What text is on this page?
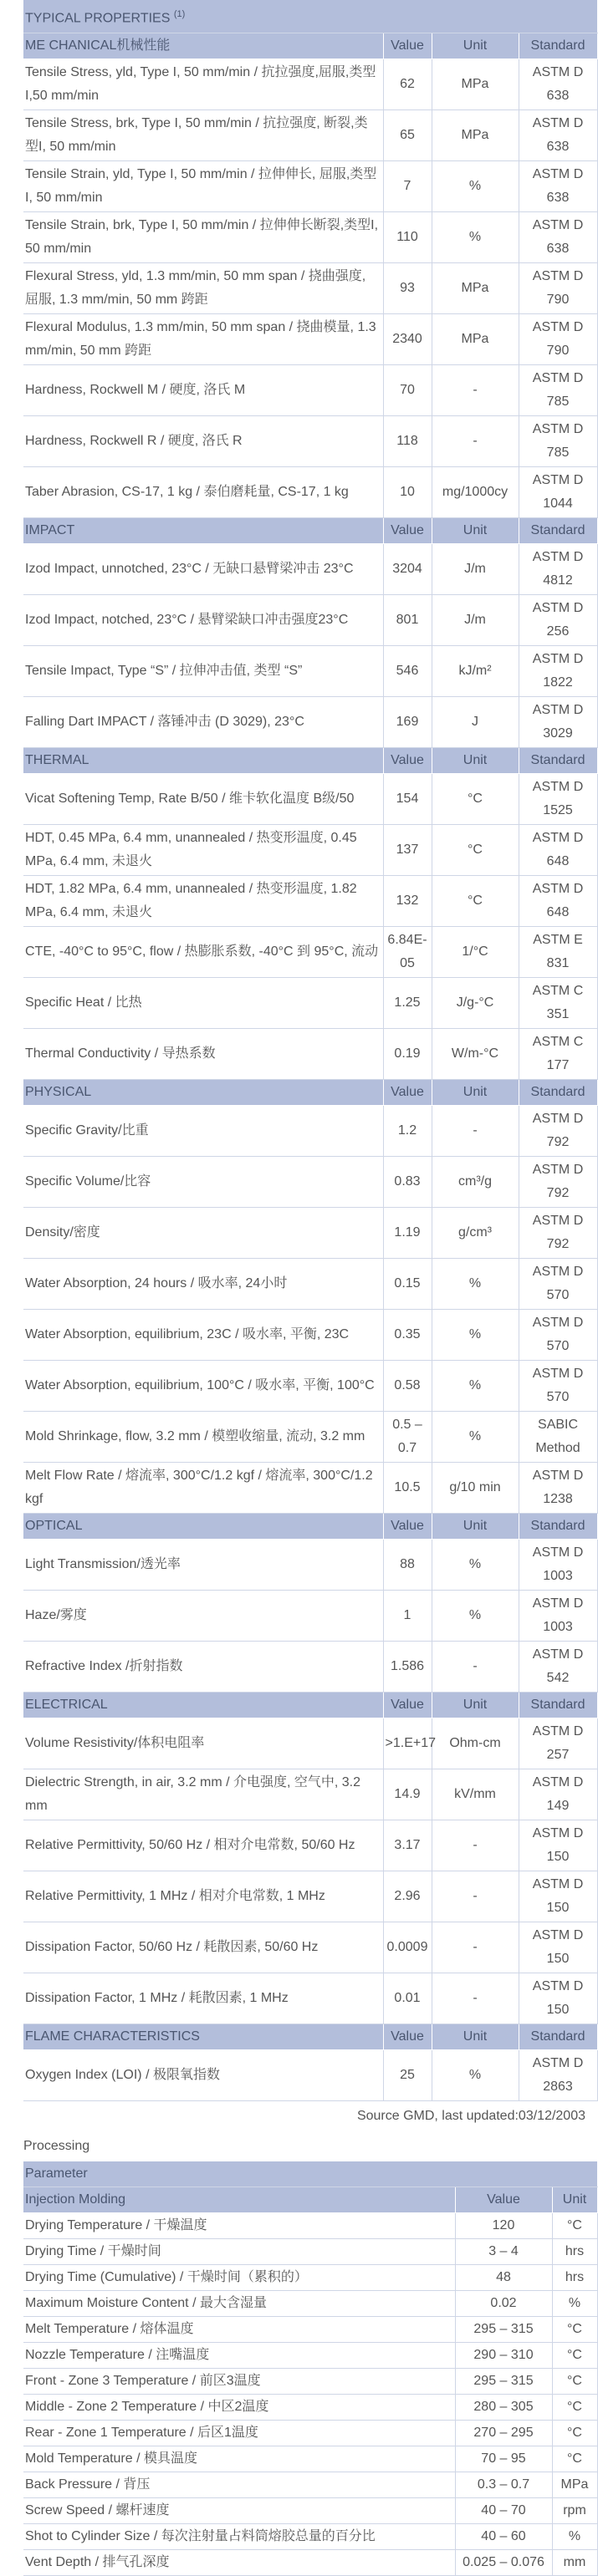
TYPICAL PROPERTIES $^{(1)}$
ME CHANICAL机械性能	Value	Unit	Standard
Tensile Stress, yld, Type I, 50 mm/min / 抗拉强度,屈服,类型I,50 mm/min	62	MPa	ASTM D 638
Tensile Stress, brk, Type I, 50 mm/min / 抗拉强度, 断裂,类型I, 50 mm/min	65	MPa	ASTM D 638
Tensile Strain, yld, Type I, 50 mm/min / 拉伸伸长, 屈服,类型I, 50 mm/min	7	%	ASTM D 638
Tensile Strain, brk, Type I, 50 mm/min / 拉伸伸长断裂,类型I, 50 mm/min	110	%	ASTM D 638
Flexural Stress, yld, 1.3 mm/min, 50 mm span / 挠曲强度, 屈服, 1.3 mm/min, 50 mm 跨距	93	MPa	ASTM D 790
Flexural Modulus, 1.3 mm/min, 50 mm span / 挠曲模量, 1.3 mm/min, 50 mm 跨距	2340	MPa	ASTM D 790
Hardness, Rockwell M / 硬度, 洛氏 M	70	-	ASTM D 785
Hardness, Rockwell R / 硬度, 洛氏 R	118	-	ASTM D 785
Taber Abrasion, CS-17, 1 kg / 泰伯磨耗量, CS-17, 1 kg	10	mg/1000cy	ASTM D 1044
IMPACT	Value	Unit	Standard
Izod Impact, unnotched, 23°C / 无缺口悬臂梁冲击 23°C	3204	J/m	ASTM D 4812
Izod Impact, notched, 23°C / 悬臂梁缺口冲击强度23°C	801	J/m	ASTM D 256
Tensile Impact, Type “S” / 拉伸冲击值, 类型 “S”	546	kJ/m²	ASTM D 1822
Falling Dart IMPACT / 落锤冲击 (D 3029), 23°C	169	J	ASTM D 3029
THERMAL	Value	Unit	Standard
Vicat Softening Temp, Rate B/50 / 维卡软化温度 B级/50	154	°C	ASTM D 1525
HDT, 0.45 MPa, 6.4 mm, unannealed / 热变形温度, 0.45 MPa, 6.4 mm, 未退火	137	°C	ASTM D 648
HDT, 1.82 MPa, 6.4 mm, unannealed / 热变形温度, 1.82 MPa, 6.4 mm, 未退火	132	°C	ASTM D 648
CTE, -40°C to 95°C, flow / 热膨胀系数, -40°C 到 95°C, 流动	6.84E-05	1/°C	ASTM E 831
Specific Heat / 比热	1.25	J/g-°C	ASTM C 351
Thermal Conductivity / 导热系数	0.19	W/m-°C	ASTM C 177
PHYSICAL	Value	Unit	Standard
Specific Gravity/比重	1.2	-	ASTM D 792
Specific Volume/比容	0.83	cm³/g	ASTM D 792
Density/密度	1.19	g/cm³	ASTM D 792
Water Absorption, 24 hours / 吸水率, 24小时	0.15	%	ASTM D 570
Water Absorption, equilibrium, 23C / 吸水率, 平衡, 23C	0.35	%	ASTM D 570
Water Absorption, equilibrium, 100°C / 吸水率, 平衡, 100°C	0.58	%	ASTM D 570
Mold Shrinkage, flow, 3.2 mm / 模塑收缩量, 流动, 3.2 mm	0.5 – 0.7	%	SABIC Method
Melt Flow Rate / 熔流率, 300°C/1.2 kgf / 熔流率, 300°C/1.2 kgf	10.5	g/10 min	ASTM D 1238
OPTICAL	Value	Unit	Standard
Light Transmission/透光率	88	%	ASTM D 1003
Haze/雾度	1	%	ASTM D 1003
Refractive Index /折射指数	1.586	-	ASTM D 542
ELECTRICAL	Value	Unit	Standard
Volume Resistivity/体积电阻率	>1.E+17	Ohm-cm	ASTM D 257
Dielectric Strength, in air, 3.2 mm / 介电强度, 空气中, 3.2 mm	14.9	kV/mm	ASTM D 149
Relative Permittivity, 50/60 Hz / 相对介电常数, 50/60 Hz	3.17	-	ASTM D 150
Relative Permittivity, 1 MHz / 相对介电常数, 1 MHz	2.96	-	ASTM D 150
Dissipation Factor, 50/60 Hz / 耗散因素, 50/60 Hz	0.0009	-	ASTM D 150
Dissipation Factor, 1 MHz / 耗散因素, 1 MHz	0.01	-	ASTM D 150
FLAME CHARACTERISTICS	Value	Unit	Standard
Oxygen Index (LOI) / 极限氧指数	25	%	ASTM D 2863
Source GMD, last updated:03/12/2003
Processing
Parameter		
Injection Molding	Value	Unit
Drying Temperature / 干燥温度	120	°C
Drying Time / 干燥时间	3 – 4	hrs
Drying Time (Cumulative) / 干燥时间（累积的）	48	hrs
Maximum Moisture Content / 最大含湿量	0.02	%
Melt Temperature / 熔体温度	295 – 315	°C
Nozzle Temperature / 注嘴温度	290 – 310	°C
Front - Zone 3 Temperature / 前区3温度	295 – 315	°C
Middle - Zone 2 Temperature / 中区2温度	280 – 305	°C
Rear - Zone 1 Temperature / 后区1温度	270 – 295	°C
Mold Temperature / 模具温度	70 – 95	°C
Back Pressure / 背压	0.3 – 0.7	MPa
Screw Speed / 螺杆速度	40 – 70	rpm
Shot to Cylinder Size / 每次注射量占料筒熔胶总量的百分比	40 – 60	%
Vent Depth / 排气孔深度	0.025 – 0.076	mm
